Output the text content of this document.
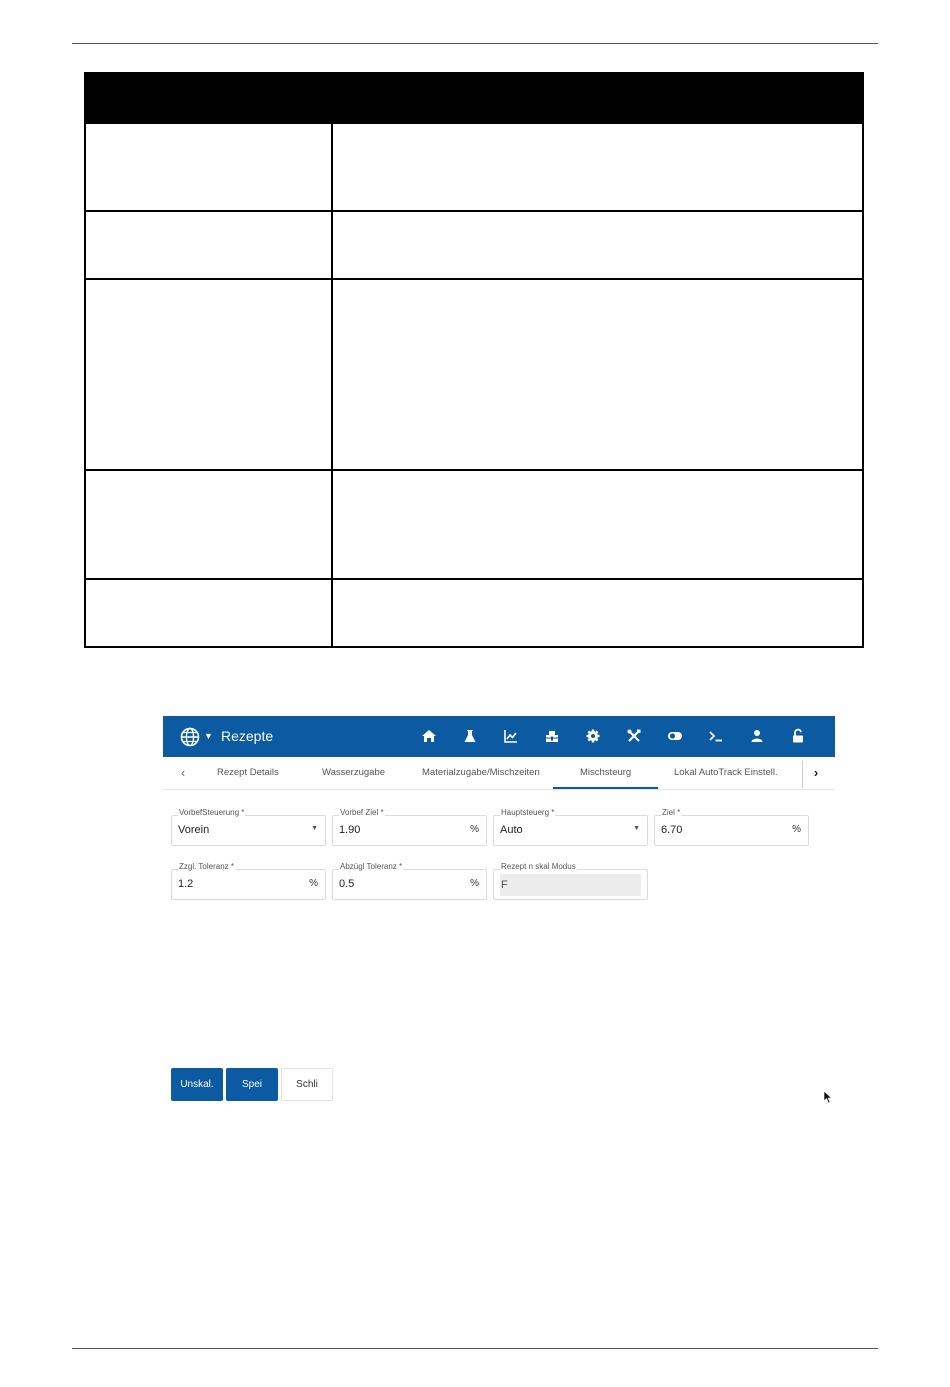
▼ Rezepte
‹	Rezept Details	Wasserzugabe	Materialzugabe/Mischzeiten	Mischsteurg	Lokal AutoTrack Einstell.	›
VorbefSteuerung *
Vorein	▼
Vorbef Ziel *
1.90	%
Hauptsteuerg *
Auto	▼
Ziel *
6.70	%
Zzgl. Toleranz *
1.2	%
Abzügl Toleranz *
0.5	%
Rezept n skal Modus
F
Unskal.	Spei	Schli
